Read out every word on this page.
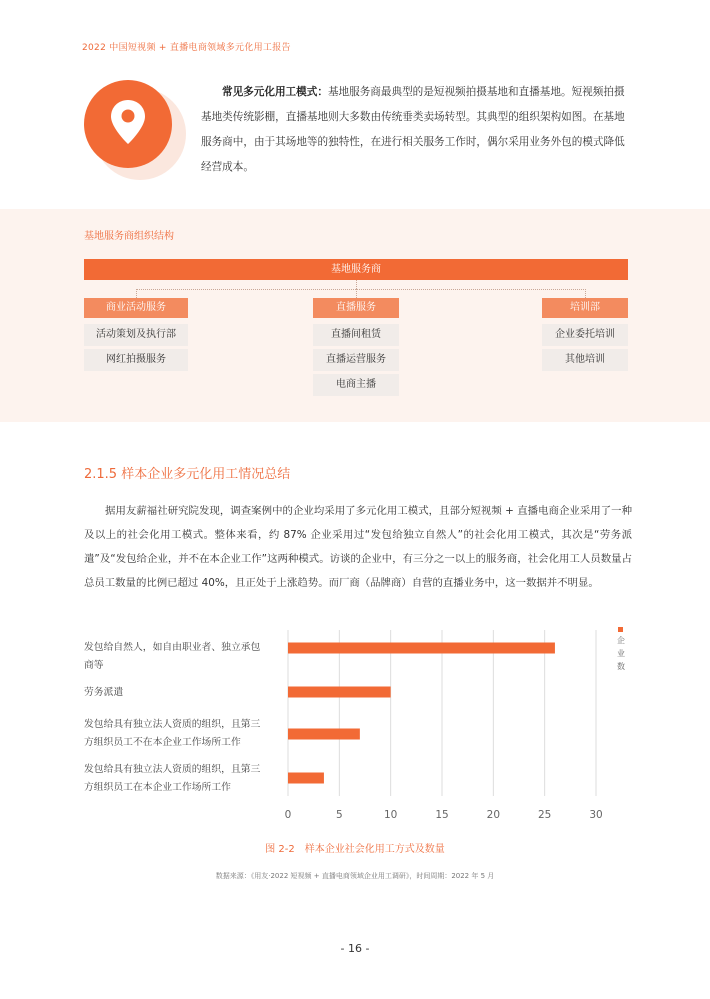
2022 中国短视频 + 直播电商领域多元化用工报告
常见多元化用工模式：基地服务商最典型的是短视频拍摄基地和直播基地。短视频拍摄基地类传统影棚，直播基地则大多数由传统垂类卖场转型。其典型的组织架构如图。在基地服务商中，由于其场地等的独特性，在进行相关服务工作时，偶尔采用业务外包的模式降低经营成本。
基地服务商组织结构
基地服务商
商业活动服务
活动策划及执行部
网红拍摄服务
直播服务
直播间租赁
直播运营服务
电商主播
培训部
企业委托培训
其他培训
2.1.5 样本企业多元化用工情况总结
据用友薪福社研究院发现，调查案例中的企业均采用了多元化用工模式，且部分短视频 + 直播电商企业采用了一种及以上的社会化用工模式。整体来看，约 87% 企业采用过“发包给独立自然人”的社会化用工模式，其次是“劳务派遣”及“发包给企业，并不在本企业工作”这两种模式。访谈的企业中，有三分之一以上的服务商，社会化用工人员数量占总员工数量的比例已超过 40%，且正处于上涨趋势。而厂商（品牌商）自营的直播业务中，这一数据并不明显。
发包给自然人，如自由职业者、独立承包商等
劳务派遣
发包给具有独立法人资质的组织，且第三方组织员工不在本企业工作场所工作
发包给具有独立法人资质的组织，且第三方组织员工在本企业工作场所工作
0	5	10	15	20	25	30
企业数
图 2-2　样本企业社会化用工方式及数量
数据来源：《用友·2022 短视频 + 直播电商领域企业用工调研》，时间周期：2022 年 5 月
- 16 -
